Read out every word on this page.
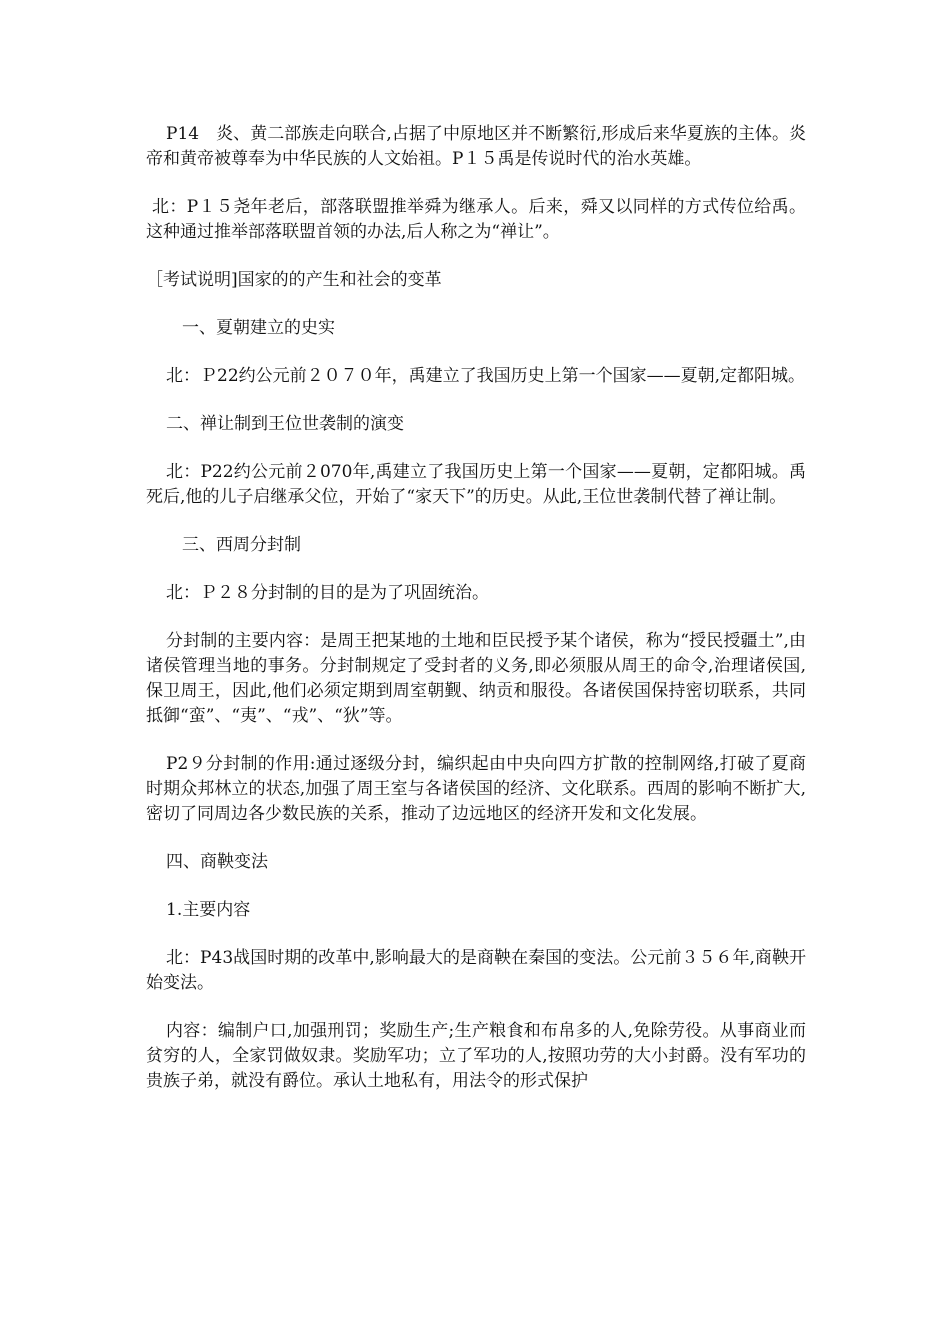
P14　炎、黄二部族走向联合,占据了中原地区并不断繁衍,形成后来华夏族的主体。炎帝和黄帝被尊奉为中华民族的人文始祖。P１５禹是传说时代的治水英雄。

北：P１５尧年老后，部落联盟推举舜为继承人。后来，舜又以同样的方式传位给禹。这种通过推举部落联盟首领的办法,后人称之为“禅让”。

［考试说明]国家的的产生和社会的变革

一、夏朝建立的史实

北：Ｐ22约公元前２０７０年，禹建立了我国历史上第一个国家——夏朝,定都阳城。

二、禅让制到王位世袭制的演变

北：P22约公元前２070年,禹建立了我国历史上第一个国家——夏朝，定都阳城。禹死后,他的儿子启继承父位，开始了“家天下”的历史。从此,王位世袭制代替了禅让制。

三、西周分封制

北：Ｐ２８分封制的目的是为了巩固统治。

分封制的主要内容：是周王把某地的土地和臣民授予某个诸侯，称为“授民授疆土”,由诸侯管理当地的事务。分封制规定了受封者的义务,即必须服从周王的命令,治理诸侯国,保卫周王，因此,他们必须定期到周室朝觐、纳贡和服役。各诸侯国保持密切联系，共同抵御“蛮”、“夷”、“戎”、“狄”等。

P2９分封制的作用:通过逐级分封，编织起由中央向四方扩散的控制网络,打破了夏商时期众邦林立的状态,加强了周王室与各诸侯国的经济、文化联系。西周的影响不断扩大,密切了同周边各少数民族的关系，推动了边远地区的经济开发和文化发展。

四、商鞅变法

1.主要内容

北：P43战国时期的改革中,影响最大的是商鞅在秦国的变法。公元前３５６年,商鞅开始变法。

内容：编制户口,加强刑罚；奖励生产;生产粮食和布帛多的人,免除劳役。从事商业而贫穷的人，全家罚做奴隶。奖励军功；立了军功的人,按照功劳的大小封爵。没有军功的贵族子弟，就没有爵位。承认土地私有，用法令的形式保护
